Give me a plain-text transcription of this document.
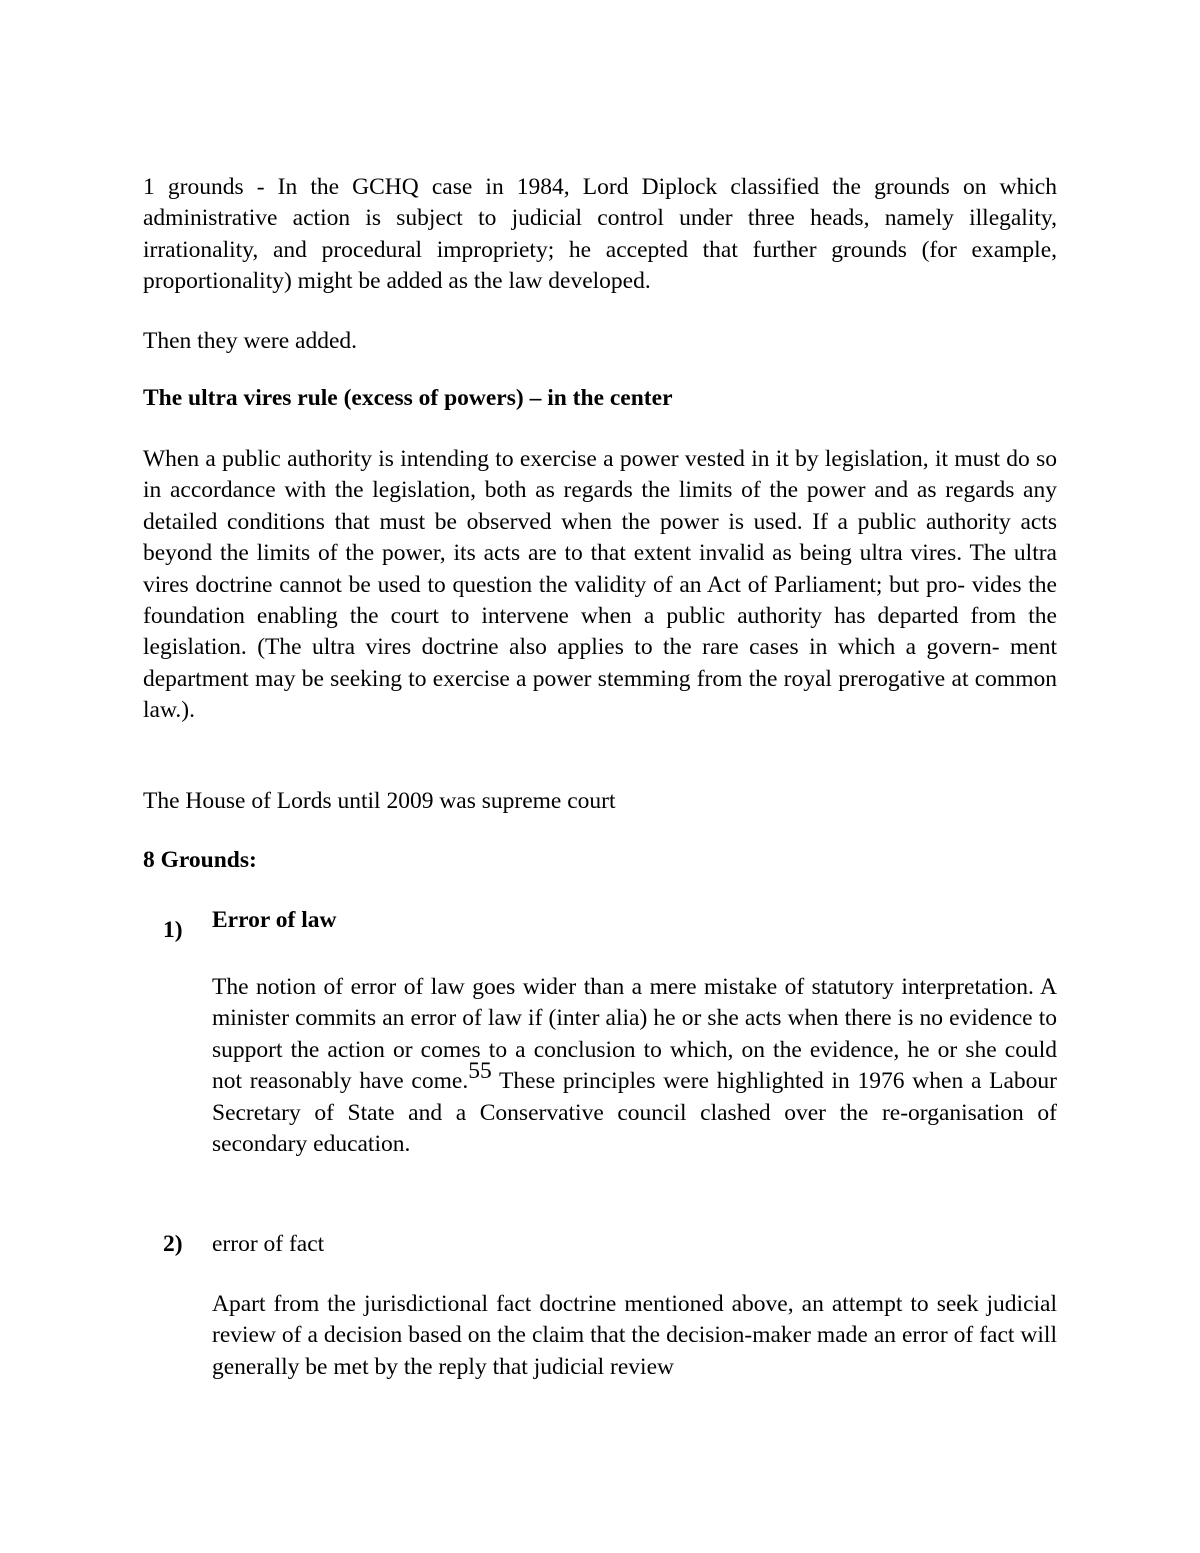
1 grounds - In the GCHQ case in 1984, Lord Diplock classified the grounds on which administrative action is subject to judicial control under three heads, namely illegality, irrationality, and procedural impropriety; he accepted that further grounds (for example, proportionality) might be added as the law developed.

Then they were added.

The ultra vires rule (excess of powers) – in the center

When a public authority is intending to exercise a power vested in it by legislation, it must do so in accordance with the legislation, both as regards the limits of the power and as regards any detailed conditions that must be observed when the power is used. If a public authority acts beyond the limits of the power, its acts are to that extent invalid as being ultra vires. The ultra vires doctrine cannot be used to question the validity of an Act of Parliament; but pro- vides the foundation enabling the court to intervene when a public authority has departed from the legislation. (The ultra vires doctrine also applies to the rare cases in which a govern- ment department may be seeking to exercise a power stemming from the royal prerogative at common law.).

The House of Lords until 2009 was supreme court

8 Grounds:

1) Error of law

The notion of error of law goes wider than a mere mistake of statutory interpretation. A minister commits an error of law if (inter alia) he or she acts when there is no evidence to support the action or comes to a conclusion to which, on the evidence, he or she could not reasonably have come.$^{55}$ These principles were highlighted in 1976 when a Labour Secretary of State and a Conservative council clashed over the re-organisation of secondary education.

2) error of fact

Apart from the jurisdictional fact doctrine mentioned above, an attempt to seek judicial review of a decision based on the claim that the decision-maker made an error of fact will generally be met by the reply that judicial review
